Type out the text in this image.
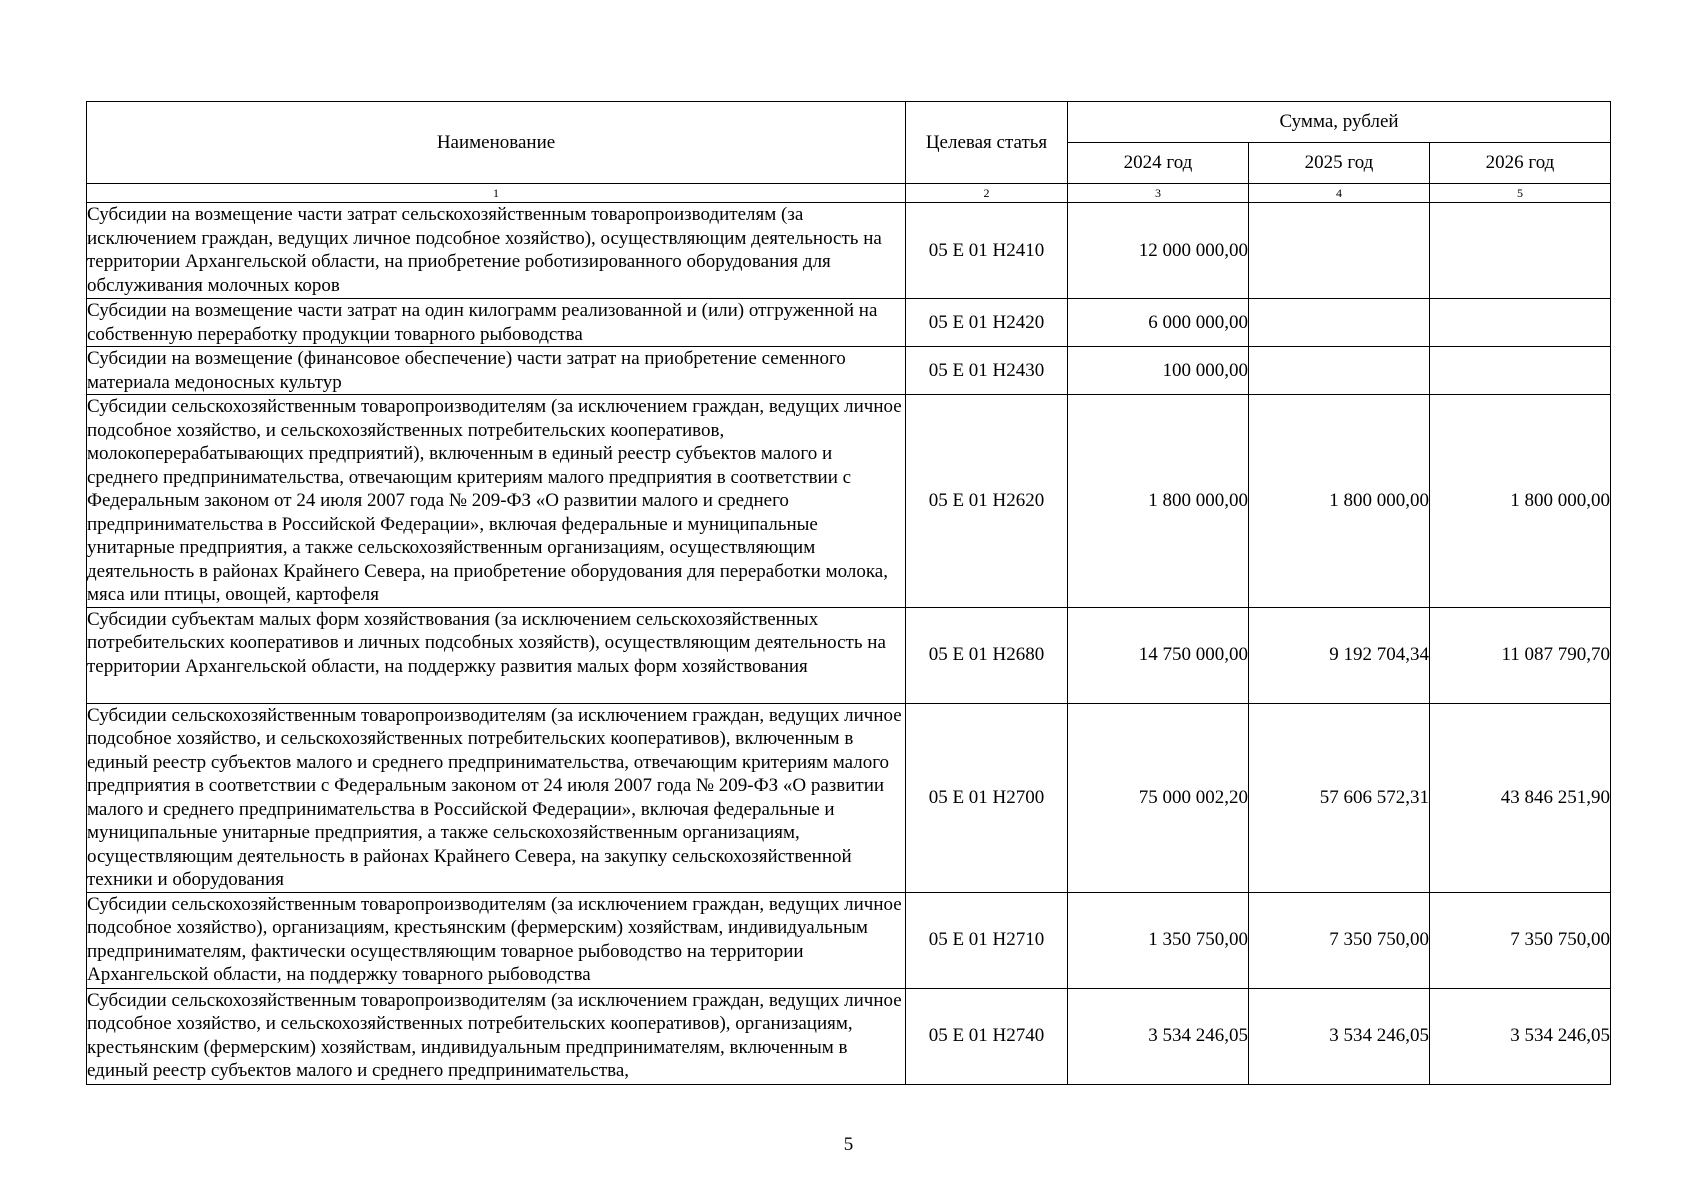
Наименование	Целевая статья	Сумма, рублей		
		2024 год	2025 год	2026 год
1	2	3	4	5
Субсидии на возмещение части затрат сельскохозяйственным товаропроизводителям (за исключением граждан, ведущих личное подсобное хозяйство), осуществляющим деятельность на территории Архангельской области, на приобретение роботизированного оборудования для обслуживания молочных коров	05 Е 01 Н2410	12 000 000,00		
Субсидии на возмещение части затрат на один килограмм реализованной и (или) отгруженной на собственную переработку продукции товарного рыбоводства	05 Е 01 Н2420	6 000 000,00		
Субсидии на возмещение (финансовое обеспечение) части затрат на приобретение семенного материала медоносных культур	05 Е 01 Н2430	100 000,00		
Субсидии сельскохозяйственным товаропроизводителям (за исключением граждан, ведущих личное подсобное хозяйство, и сельскохозяйственных потребительских кооперативов, молокоперерабатывающих предприятий), включенным в единый реестр субъектов малого и среднего предпринимательства, отвечающим критериям малого предприятия в соответствии с Федеральным законом от 24 июля 2007 года № 209-ФЗ «О развитии малого и среднего предпринимательства в Российской Федерации», включая федеральные и муниципальные унитарные предприятия, а также сельскохозяйственным организациям, осуществляющим деятельность в районах Крайнего Севера, на приобретение оборудования для переработки молока, мяса или птицы, овощей, картофеля	05 Е 01 Н2620	1 800 000,00	1 800 000,00	1 800 000,00
Субсидии субъектам малых форм хозяйствования (за исключением сельскохозяйственных потребительских кооперативов и личных подсобных хозяйств), осуществляющим деятельность на территории Архангельской области, на поддержку развития малых форм хозяйствования	05 Е 01 Н2680	14 750 000,00	9 192 704,34	11 087 790,70
Субсидии сельскохозяйственным товаропроизводителям (за исключением граждан, ведущих личное подсобное хозяйство, и сельскохозяйственных потребительских кооперативов), включенным в единый реестр субъектов малого и среднего предпринимательства, отвечающим критериям малого предприятия в соответствии с Федеральным законом от 24 июля 2007 года № 209-ФЗ «О развитии малого и среднего предпринимательства в Российской Федерации», включая федеральные и муниципальные унитарные предприятия, а также сельскохозяйственным организациям, осуществляющим деятельность в районах Крайнего Севера, на закупку сельскохозяйственной техники и оборудования	05 Е 01 Н2700	75 000 002,20	57 606 572,31	43 846 251,90
Субсидии сельскохозяйственным товаропроизводителям (за исключением граждан, ведущих личное подсобное хозяйство), организациям, крестьянским (фермерским) хозяйствам, индивидуальным предпринимателям, фактически осуществляющим товарное рыбоводство на территории Архангельской области, на поддержку товарного рыбоводства	05 Е 01 Н2710	1 350 750,00	7 350 750,00	7 350 750,00
Субсидии сельскохозяйственным товаропроизводителям (за исключением граждан, ведущих личное подсобное хозяйство, и сельскохозяйственных потребительских кооперативов), организациям, крестьянским (фермерским) хозяйствам, индивидуальным предпринимателям, включенным в единый реестр субъектов малого и среднего предпринимательства,	05 Е 01 Н2740	3 534 246,05	3 534 246,05	3 534 246,05
5
